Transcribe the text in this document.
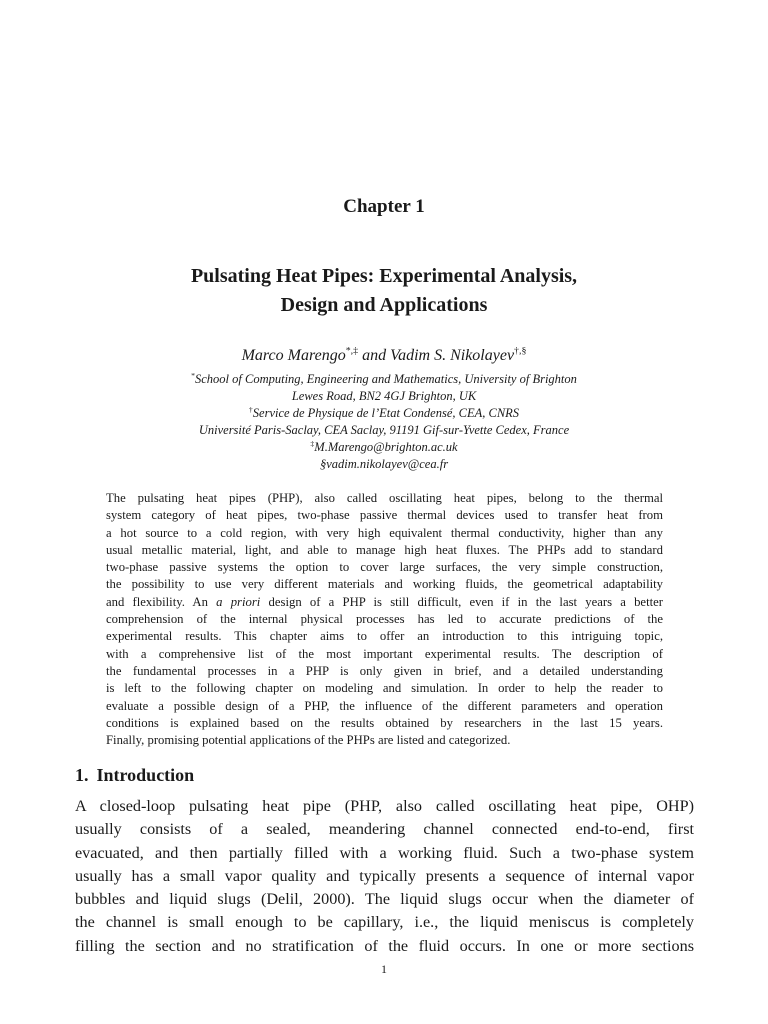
Chapter 1
Pulsating Heat Pipes: Experimental Analysis,
Design and Applications
Marco Marengo*,‡ and Vadim S. Nikolayev†,§
*School of Computing, Engineering and Mathematics, University of Brighton
Lewes Road, BN2 4GJ Brighton, UK
†Service de Physique de l’Etat Condensé, CEA, CNRS
Université Paris-Saclay, CEA Saclay, 91191 Gif-sur-Yvette Cedex, France
‡M.Marengo@brighton.ac.uk
§vadim.nikolayev@cea.fr
The pulsating heat pipes (PHP), also called oscillating heat pipes, belong to the thermal
system category of heat pipes, two-phase passive thermal devices used to transfer heat from
a hot source to a cold region, with very high equivalent thermal conductivity, higher than any
usual metallic material, light, and able to manage high heat fluxes. The PHPs add to standard
two-phase passive systems the option to cover large surfaces, the very simple construction,
the possibility to use very different materials and working fluids, the geometrical adaptability
and flexibility. An a priori design of a PHP is still difficult, even if in the last years a better
comprehension of the internal physical processes has led to accurate predictions of the
experimental results. This chapter aims to offer an introduction to this intriguing topic,
with a comprehensive list of the most important experimental results. The description of
the fundamental processes in a PHP is only given in brief, and a detailed understanding
is left to the following chapter on modeling and simulation. In order to help the reader to
evaluate a possible design of a PHP, the influence of the different parameters and operation
conditions is explained based on the results obtained by researchers in the last 15 years.
Finally, promising potential applications of the PHPs are listed and categorized.
1. Introduction
A closed-loop pulsating heat pipe (PHP, also called oscillating heat pipe, OHP)
usually consists of a sealed, meandering channel connected end-to-end, first
evacuated, and then partially filled with a working fluid. Such a two-phase system
usually has a small vapor quality and typically presents a sequence of internal vapor
bubbles and liquid slugs (Delil, 2000). The liquid slugs occur when the diameter of
the channel is small enough to be capillary, i.e., the liquid meniscus is completely
filling the section and no stratification of the fluid occurs. In one or more sections
1
